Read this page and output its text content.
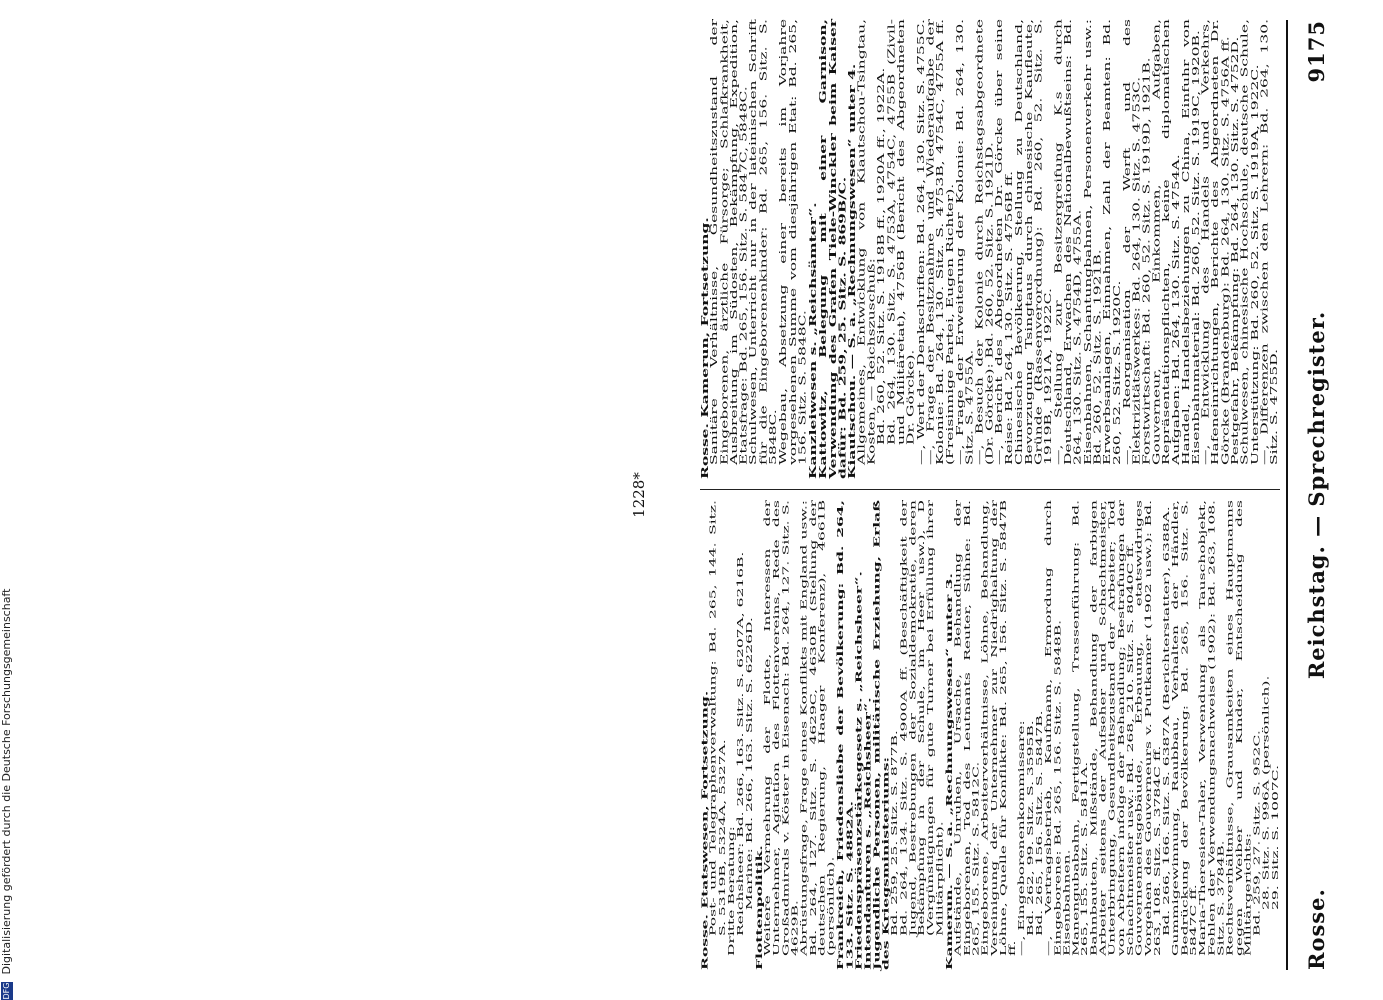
Rosse.
Reichstag. — Sprechregister.
9175

Rosse. Etatswesen, Fortsetzung. Post- und Telegraphenverwaltung: Bd. 265, 144. Sitz. S. 5319B, 5324A, 5327A. Dritte Beratung: Reichsheer: Bd. 266, 163. Sitz. S. 6207A, 6216B. Marine: Bd. 266, 163. Sitz. S. 6226D. Flottenpolitik. Weitere Vermehrung der Flotte, Interessen der Unternehmer, Agitation des Flottenvereins, Rede des Großadmirals v. Köster in Eisenach: Bd. 264, 127. Sitz. S. 4629B. Abrüstungsfrage, Frage eines Konflikts mit England usw.: Bd. 264, 127. Sitz. S. 4629C, 4630B (Stellung der deutschen Regierung, Haager Konferenz), 4661B (persönlich). Frankreich, Friedensliebe der Bevölkerung: Bd. 264, 133. Sitz. S. 4882A. Friedenspräsenzstärkegesetz s. „Reichsheer“. Intendanturen s. „Reichsheer“. Jugendliche Personen, militärische Erziehung, Erlaß des Kriegsministeriums: Bd. 259, 25. Sitz. S. 877B. Bd. 264, 134. Sitz. S. 4900A ff. (Beschäftigkeit der Jugend, Bestrebungen der Sozialdemokratie, deren Bekämpfung in der Schule, im Heer usw.), D (Vergünstigungen für gute Turner bei Erfüllung ihrer Militärpflicht). Kamerun. — S. a. „Rechnungswesen“ unter 3. Aufstände, Unruhen, Ursache, Behandlung der Eingeborenen, Tod des Leutnants Reuter, Sühne: Bd. 265, 155. Sitz. S. 5812C. Eingeborene, Arbeiterverhältnisse, Löhne, Behandlung, Vereinigung der Unternehmer zur Niedrighaltung der Löhne, Quelle für Konflikte: Bd. 265, 156. Sitz. S. 5847B ff. —, Eingeborenenkommissare: Bd. 262, 99. Sitz. S. 3595B. Bd. 265, 156. Sitz. S. 5847B. —, Vertragsbetrieb, Kaufmann, Ermordung durch Eingeborene: Bd. 265, 156. Sitz. S. 5848B. Eisenbahnen. Manengubabahn, Fertigstellung, Trassenführung: Bd. 265, 155. Sitz. S. 5811A. Bahnbauten, Mißstände, Behandlung der farbigen Arbeiter seitens der Aufseher und Schachtmeister, Unterbringung, Gesundheitszustand der Arbeiter; Tod von Arbeitern infolge der Behandlung; Bestrafungen der Schachtmeister usw.: Bd. 268, 210. Sitz. S. 8040C ff. Gouvernementsgebäude, Erbauung, etatswidriges Vorgehen des Gouverneurs v. Puttkamer (1902 usw.): Bd. 263, 108. Sitz. S. 3784C ff. Bd. 266, 166. Sitz. S. 6387A (Berichterstatter), 6388A. Gummigewinnung, Raubbau, Verhalten der Händler, Bedrückung der Bevölkerung: Bd. 265, 156. Sitz. S. 5847C ff. Maria-Theresien-Taler, Verwendung als Tauschobjekt, Fehlen der Verwendungsnachweise (1902): Bd. 263, 108. Sitz. S. 3784B. Rechtsverhältnisse, Grausamkeiten eines Hauptmanns gegen Weiber und Kinder, Entscheidung des Militärgerichts: Bd. 259, 27. Sitz. S. 952C. 28. Sitz. S. 996A (persönlich). 29. Sitz. S. 1007C.

Rosse. Kamerun, Fortsetzung. Sanitäre Verhältnisse, Gesundheitszustand der Eingeborenen, ärztliche Fürsorge; Schlafkrankheit, Ausbreitung im Südosten, Bekämpfung, Expedition, Etatsfrage: Bd. 265, 156. Sitz. S. 5847C, 5848C. Schulwesen, Unterricht nur in der lateinischen Schrift für die Eingeborenenkinder: Bd. 265, 156. Sitz. S. 5848C. Wegebau, Absetzung einer bereits im Vorjahre vorgesehenen Summe vom diesjährigen Etat: Bd. 265, 156. Sitz. S. 5848C. Kanzleiwesen s. „Reichsämter“. Kattowitz, Belegung mit einer Garnison, Verwendung des Grafen Tiele-Winckler beim Kaiser dafür: Bd. 259, 25. Sitz. S. 869B/C. Kiautschou. — S. a. „Rechnungswesen“ unter 4. Allgemeines, Entwicklung von Kiautschou-Tsingtau, Kosten, — Reichszuschuß: Bd. 260, 52. Sitz. S. 1918B ff., 1920A ff., 1922A. Bd. 264, 130. Sitz. S. 4753A, 4754C, 4755B (Zivil- und Militäretat), 4756B (Bericht des Abgeordneten Dr. Görcke). —, Wert der Denkschriften: Bd. 264, 130. Sitz. S. 4755C. —, Frage der Besitznahme und Wiederaufgabe der Kolonie: Bd. 264, 130. Sitz. S. 4753B, 4754C, 4755A ff. (Freisinnige Partei, Eugen Richter). —, Frage der Erweiterung der Kolonie: Bd. 264, 130. Sitz. S. 4755A. —, Besuch der Kolonie durch Reichstagsabgeordnete (Dr. Görcke): Bd. 260, 52. Sitz. S. 1921D. —, Bericht des Abgeordneten Dr. Görcke über seine Reise: Bd. 264, 130. Sitz. S. 4756B ff. Chinesische Bevölkerung, Stellung zu Deutschland, Bevorzugung Tsingtaus durch chinesische Kaufleute, Gründe (Rassenverordnung): Bd. 260, 52. Sitz. S. 1919B, 1921A, 1922C. —, Stellung zur Besitzergreifung K.s durch Deutschland, Erwachen des Nationalbewußtseins: Bd. 264, 130. Sitz. S. 4754D, 4755A. Eisenbahnen, Schantungbahnen, Personenverkehr usw.: Bd. 260, 52. Sitz. S. 1921B. Erwerbsanlagen, Einnahmen, Zahl der Beamten: Bd. 260, 52. Sitz. S. 1920C. —, Reorganisation der Werft und des Elektrizitätswerkes: Bd. 264, 130. Sitz. S. 4753C. Forstwirtschaft: Bd. 260, 52. Sitz. S. 1919D, 1921B. Gouverneur, Einkommen, Aufgaben, Repräsentationspflichten, keine diplomatischen Aufgaben: Bd. 264, 130. Sitz. S. 4754A. Handel, Handelsbeziehungen zu China, Einfuhr von Eisenbahnmaterial: Bd. 260, 52. Sitz. S. 1919C, 1920B. —, Entwicklung des Handels und Verkehrs, Hafeneinrichtungen, Berichte des Abgeordneten Dr. Görcke (Brandenburg): Bd. 264, 130. Sitz. S. 4756A ff. Pestgefahr, Bekämpfung: Bd. 264, 130. Sitz. S. 4752D. Schulwesen, chinesische Hochschule, deutsche Schule, Unterstützung: Bd. 260, 52. Sitz. S. 1919A, 1922C. —, Differenzen zwischen den Lehrern: Bd. 264, 130. Sitz. S. 4755D.

1228*
DFG Digitalisierung gefördert durch die Deutsche Forschungsgemeinschaft
